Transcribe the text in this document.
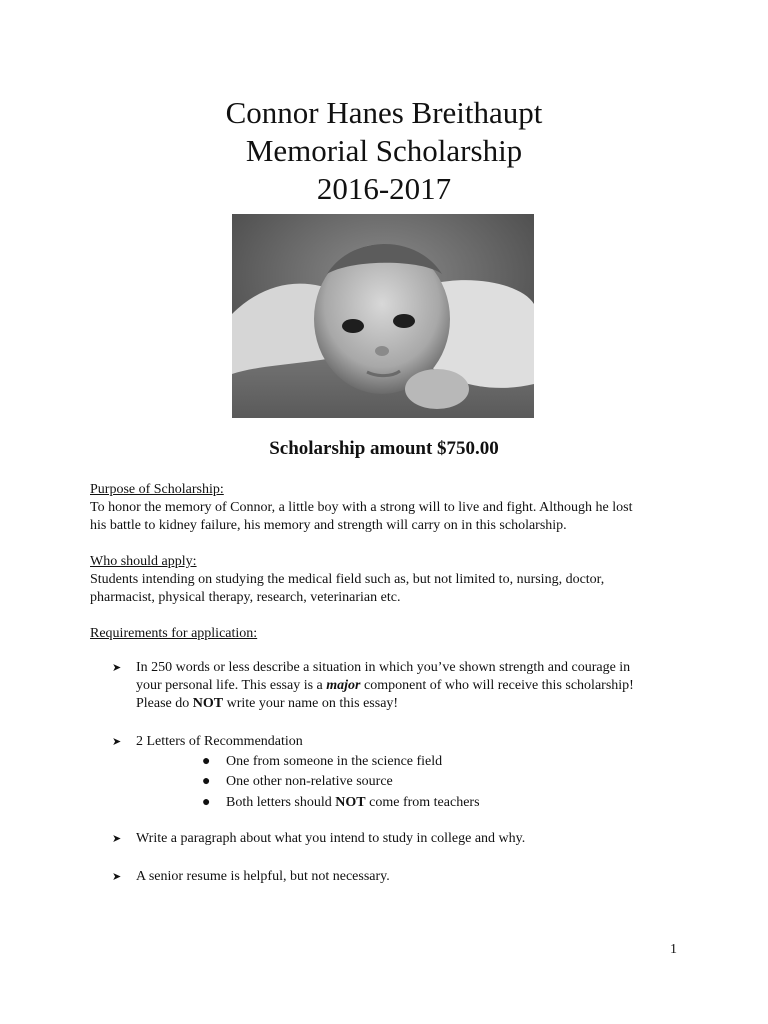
Connor Hanes Breithaupt
Memorial Scholarship
2016-2017
Scholarship amount $750.00
Purpose of Scholarship:
To honor the memory of Connor, a little boy with a strong will to live and fight. Although he lost
his battle to kidney failure, his memory and strength will carry on in this scholarship.
Who should apply:
Students intending on studying the medical field such as, but not limited to, nursing, doctor,
pharmacist, physical therapy, research, veterinarian etc.
Requirements for application:
➤	In 250 words or less describe a situation in which you’ve shown strength and courage in
your personal life. This essay is a major component of who will receive this scholarship!
Please do NOT write your name on this essay!
➤	2 Letters of Recommendation
● One from someone in the science field
● One other non-relative source
● Both letters should NOT come from teachers
➤	Write a paragraph about what you intend to study in college and why.
➤	A senior resume is helpful, but not necessary.
1
